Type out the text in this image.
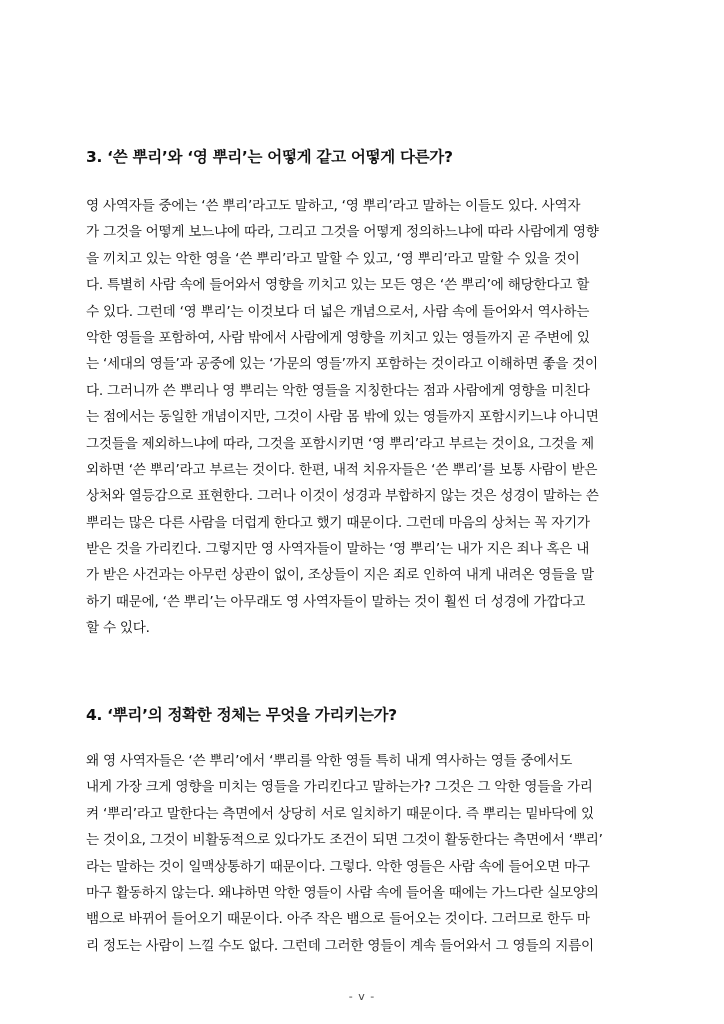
3. ‘쓴 뿌리’와 ‘영 뿌리’는 어떻게 같고 어떻게 다른가?
영 사역자들 중에는 ‘쓴 뿌리’라고도 말하고, ‘영 뿌리’라고 말하는 이들도 있다. 사역자
가 그것을 어떻게 보느냐에 따라, 그리고 그것을 어떻게 정의하느냐에 따라 사람에게 영향
을 끼치고 있는 악한 영을 ‘쓴 뿌리’라고 말할 수 있고, ‘영 뿌리’라고 말할 수 있을 것이
다. 특별히 사람 속에 들어와서 영향을 끼치고 있는 모든 영은 ‘쓴 뿌리’에 해당한다고 할
수 있다. 그런데 ‘영 뿌리’는 이것보다 더 넓은 개념으로서, 사람 속에 들어와서 역사하는
악한 영들을 포함하여, 사람 밖에서 사람에게 영향을 끼치고 있는 영들까지 곧 주변에 있
는 ‘세대의 영들’과 공중에 있는 ‘가문의 영들’까지 포함하는 것이라고 이해하면 좋을 것이
다. 그러니까 쓴 뿌리나 영 뿌리는 악한 영들을 지칭한다는 점과 사람에게 영향을 미친다
는 점에서는 동일한 개념이지만, 그것이 사람 몸 밖에 있는 영들까지 포함시키느냐 아니면
그것들을 제외하느냐에 따라, 그것을 포함시키면 ‘영 뿌리’라고 부르는 것이요, 그것을 제
외하면 ‘쓴 뿌리’라고 부르는 것이다. 한편, 내적 치유자들은 ‘쓴 뿌리’를 보통 사람이 받은
상처와 열등감으로 표현한다. 그러나 이것이 성경과 부합하지 않는 것은 성경이 말하는 쓴
뿌리는 많은 다른 사람을 더럽게 한다고 했기 때문이다. 그런데 마음의 상처는 꼭 자기가
받은 것을 가리킨다. 그렇지만 영 사역자들이 말하는 ‘영 뿌리’는 내가 지은 죄나 혹은 내
가 받은 사건과는 아무런 상관이 없이, 조상들이 지은 죄로 인하여 내게 내려온 영들을 말
하기 때문에, ‘쓴 뿌리’는 아무래도 영 사역자들이 말하는 것이 훨씬 더 성경에 가깝다고
할 수 있다.
4. ‘뿌리’의 정확한 정체는 무엇을 가리키는가?
왜 영 사역자들은 ‘쓴 뿌리’에서 ‘뿌리를 악한 영들 특히 내게 역사하는 영들 중에서도
내게 가장 크게 영향을 미치는 영들을 가리킨다고 말하는가? 그것은 그 악한 영들을 가리
켜 ‘뿌리’라고 말한다는 측면에서 상당히 서로 일치하기 때문이다. 즉 뿌리는 밑바닥에 있
는 것이요, 그것이 비활동적으로 있다가도 조건이 되면 그것이 활동한다는 측면에서 ‘뿌리’
라는 말하는 것이 일맥상통하기 때문이다. 그렇다. 악한 영들은 사람 속에 들어오면 마구
마구 활동하지 않는다. 왜냐하면 악한 영들이 사람 속에 들어올 때에는 가느다란 실모양의
뱀으로 바뀌어 들어오기 때문이다. 아주 작은 뱀으로 들어오는 것이다. 그러므로 한두 마
리 정도는 사람이 느낄 수도 없다. 그런데 그러한 영들이 계속 들어와서 그 영들의 지름이
- v -
